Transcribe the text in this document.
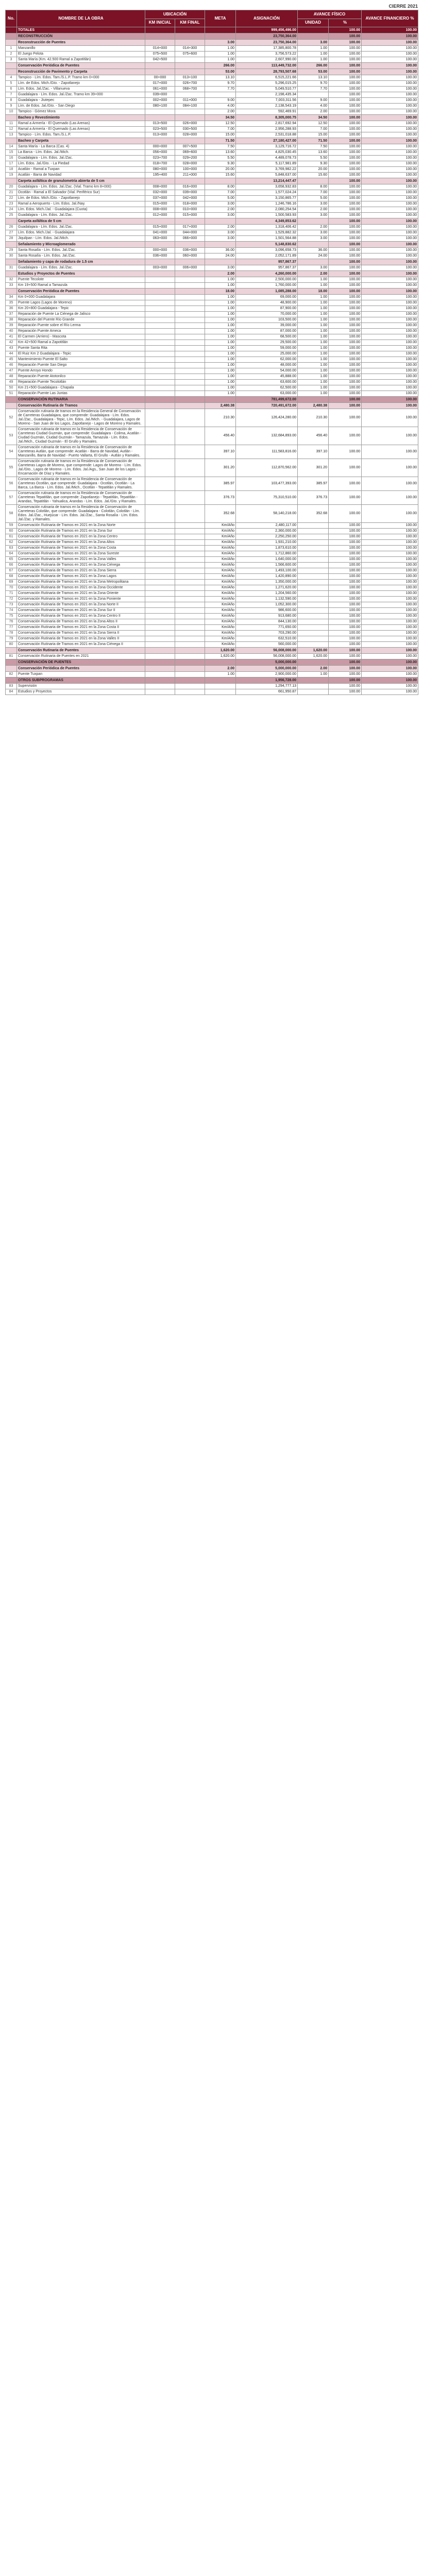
CIERRE 2021
No.	NOMBRE DE LA OBRA	UBICACIÓN		META	ASIGNACIÓN	AVANCE FÍSICO		AVANCE FINANCIERO %
		KM INICIAL	KM FINAL			UNIDAD	%	
	TOTALES				999,456,496.00		100.00	100.00
	RECONSTRUCCIÓN				23,750,364.00		100.00	100.00
	Reconstrucción de Puentes			3.00	23,750,364.00	3.00	100.00	100.00
1	Manzanillo	014+000	014+300	1.00	17,385,800.78	1.00	100.00	100.00
2	El Juego Pelota	075+500	075+600	1.00	3,756,573.22	1.00	100.00	100.00
3	Santa María (Km. 42.500 Ramal a Zapotitlán)	042+500		1.00	2,607,990.00	1.00	100.00	100.00
	Conservación Periódica de Puentes			266.00	113,449,732.00	266.00	100.00	100.00
	Reconstrucción de Pavimento y Carpeta			53.00	28,793,507.68	53.00	100.00	100.00
4	Tampico - Lím. Edos. Tam./S.L.P. Tramo km 0+000	00+000	013+100	13.10	6,515,221.66	13.10	100.00	100.00
5	Lím. de Edos. Mich./Gto. - Zapotlanejo	017+000	026+700	9.70	5,296,015.25	9.70	100.00	100.00
6	Lím. Edos. Jal./Zac. - Villanueva	061+000	068+700	7.70	5,049,510.77	7.70	100.00	100.00
7	Guadalajara - Lím. Edos. Jal./Zac. Tramo km 39+000	039+000			2,198,435.34		100.00	100.00
8	Guadalajara - Jiutepec	002+000	011+000	9.00	7,003,311.56	9.00	100.00	100.00
9	Lím. de Edos. Jal./Gto. - San Diego	080+100	084+100	4.00	2,138,543.19	4.00	100.00	100.00
10	Tampico - Gómez Mora			2.00	592,469.91	2.00	100.00	100.00
	Bacheo y Revestimiento			34.50	8,305,000.75	34.50	100.00	100.00
11	Ramal a Armería - El Quemado (Las Arenas)	013+500	026+000	12.50	2,817,692.94	12.50	100.00	100.00
12	Ramal a Armería - El Quemado (Las Arenas)	023+500	030+500	7.00	2,956,288.93	7.00	100.00	100.00
13	Tampico - Lím. Edos. Tam./S.L.P.	013+000	028+000	15.00	2,531,018.88	15.00	100.00	100.00
	Bacheo y Carpeta			71.50	27,180,427.00	71.50	100.00	100.00
14	Santa María - La Barca (Cas. 4)	000+000	007+500	7.50	3,129,716.72	7.50	100.00	100.00
15	La Barca - Lím. Edos. Jal./Mich.	056+000	069+600	13.60	4,825,030.45	13.60	100.00	100.00
16	Guadalajara - Lím. Edos. Jal./Zac.	023+700	029+200	5.50	4,489,078.73	5.50	100.00	100.00
17	Lím. Edos. Jal./Gto. - La Piedad	018+700	028+000	9.30	5,117,981.89	9.30	100.00	100.00
18	Acatlán - Ramal a Tuxpan	080+000	100+000	20.00	3,769,982.22	20.00	100.00	100.00
19	Acatlán - Barra de Navidad	195+400	211+000	15.60	5,848,637.00	15.60	100.00	100.00
	Carpeta asfáltica de granulometría abierta de 5 cm				13,214,447.47		100.00	100.00
20	Guadalajara - Lím. Edos. Jal./Zac. (Vial. Tramo km 8+000)	008+000	016+000	8.00	3,658,932.83	8.00	100.00	100.00
21	Ocotlán - Ramal a El Salvador (Vial. Periférico Sur)	032+000	039+000	7.00	1,577,024.24	7.00	100.00	100.00
22	Lím. de Edos. Mich./Gto. - Zapotlanejo	037+000	042+000	5.00	3,150,865.77	5.00	100.00	100.00
23	Ramal a Aeropuerto - Lím. Edos. Jal./Nay.	015+000	018+000	3.00	1,246,786.16	3.00	100.00	100.00
24	Lím. Edos. Mich./Jal. - Guadalajara (Cuota)	008+000	010+000	2.00	2,080,254.54	2.00	100.00	100.00
25	Guadalajara - Lím. Edos. Jal./Zac.	012+000	015+000	3.00	1,500,583.93	3.00	100.00	100.00
	Carpeta asfáltica de 5 cm				4,349,853.62		100.00	100.00
26	Guadalajara - Lím. Edos. Jal./Zac.	015+000	017+000	2.00	1,318,406.42	2.00	100.00	100.00
27	Lím. Edos. Mich./Jal. - Guadalajara	041+000	044+000	3.00	1,529,882.32	3.00	100.00	100.00
28	Jiquilpan - Lím. Edos. Jal./Mich.	063+000	066+000	3.00	1,501,564.88	3.00	100.00	100.00
	Señalamiento y Microaglomerado				5,148,830.62		100.00	100.00
29	Santa Rosalía - Lím. Edos. Jal./Zac.	000+000	036+000	36.00	3,096,658.73	36.00	100.00	100.00
30	Santa Rosalía - Lím. Edos. Jal./Zac.	036+000	060+000	24.00	2,052,171.89	24.00	100.00	100.00
	Señalamiento y capa de rodadura de 1.5 cm				957,867.37		100.00	100.00
31	Guadalajara - Lím. Edos. Jal./Zac.	003+000	006+000	3.00	957,867.37	3.00	100.00	100.00
	Estudios y Proyectos de Puentes			2.00	4,260,000.00	2.00	100.00	100.00
32	Puente Tecolote			1.00	2,500,000.00	1.00	100.00	100.00
33	Km 19+500 Ramal a Tamazula			1.00	1,760,000.00	1.00	100.00	100.00
	Conservación Periódica de Puentes			18.00	1,085,288.00	18.00	100.00	100.00
34	Km 0+000 Guadalajara			1.00	69,000.00	1.00	100.00	100.00
35	Puente Lagos (Lagos de Moreno)			1.00	48,900.00	1.00	100.00	100.00
36	Km 20+800 Guadalajara - Tepic			1.00	87,900.00	1.00	100.00	100.00
37	Reparación de Puente La Ciénega de Jalisco			1.00	70,000.00	1.00	100.00	100.00
38	Reparación del Puente Río Grande			1.00	103,500.00	1.00	100.00	100.00
39	Reparación Puente sobre el Río Lerma			1.00	39,000.00	1.00	100.00	100.00
40	Reparación Puente Ameca			1.00	87,000.00	1.00	100.00	100.00
41	El Carmen (Arriero) - Mascota			1.00	68,500.00	1.00	100.00	100.00
42	Km 42+500 Ramal a Zapotitlán			1.00	29,500.00	1.00	100.00	100.00
43	Puente Santa Rita			1.00	59,000.00	1.00	100.00	100.00
44	El Ruiz Km 2 Guadalajara - Tepic			1.00	25,000.00	1.00	100.00	100.00
45	Mantenimiento Puente El Salto			1.00	62,000.00	1.00	100.00	100.00
46	Reparación Puente San Diego			1.00	48,000.00	1.00	100.00	100.00
47	Puente Arroyo Hondo			1.00	54,000.00	1.00	100.00	100.00
48	Reparación Puente Atotonilco			1.00	45,888.00	1.00	100.00	100.00
49	Reparación Puente Tecolotlán			1.00	63,600.00	1.00	100.00	100.00
50	Km 21+500 Guadalajara - Chapala			1.00	62,500.00	1.00	100.00	100.00
51	Reparación Puente Las Juntas			1.00	63,000.00	1.00	100.00	100.00
	CONSERVACIÓN RUTINARIA				781,499,672.00		100.00	100.00
	Conservación Rutinaria de Tramos			2,480.38	720,491,672.00	2,480.38	100.00	100.00
52	Conservación rutinaria de tramos en la Residencia General de Conservación de Carreteras Guadalajara, que comprende: Guadalajara - Lím. Edos. Jal./Zac., Guadalajara - Tepic, Lím. Edos. Jal./Mich. - Guadalajara, Lagos de Moreno - San Juan de los Lagos, Zapotlanejo - Lagos de Moreno y Ramales.			210.30	126,424,280.00	210.30	100.00	100.00
53	Conservación rutinaria de tramos en la Residencia de Conservación de Carreteras Ciudad Guzmán, que comprende: Guadalajara - Colima, Acatlán - Ciudad Guzmán, Ciudad Guzmán - Tamazula, Tamazula - Lím. Edos. Jal./Mich., Ciudad Guzmán - El Grullo y Ramales.			456.40	132,684,893.00	456.40	100.00	100.00
54	Conservación rutinaria de tramos en la Residencia de Conservación de Carreteras Autlán, que comprende: Acatlán - Barra de Navidad, Autlán - Manzanillo, Barra de Navidad - Puerto Vallarta, El Grullo - Autlán y Ramales.			397.10	111,583,816.00	397.10	100.00	100.00
55	Conservación rutinaria de tramos en la Residencia de Conservación de Carreteras Lagos de Moreno, que comprende: Lagos de Moreno - Lím. Edos. Jal./Gto., Lagos de Moreno - Lím. Edos. Jal./Ags., San Juan de los Lagos - Encarnación de Díaz y Ramales.			301.20	112,870,562.00	301.20	100.00	100.00
56	Conservación rutinaria de tramos en la Residencia de Conservación de Carreteras Ocotlán, que comprende: Guadalajara - Ocotlán, Ocotlán - La Barca, La Barca - Lím. Edos. Jal./Mich., Ocotlán - Tepatitlán y Ramales.			385.97	103,477,393.00	385.97	100.00	100.00
57	Conservación rutinaria de tramos en la Residencia de Conservación de Carreteras Tepatitlán, que comprende: Zapotlanejo - Tepatitlán, Tepatitlán - Arandas, Tepatitlán - Yahualica, Arandas - Lím. Edos. Jal./Gto. y Ramales.			376.73	75,310,510.00	376.73	100.00	100.00
58	Conservación rutinaria de tramos en la Residencia de Conservación de Carreteras Colotlán, que comprende: Guadalajara - Colotlán, Colotlán - Lím. Edos. Jal./Zac., Huejúcar - Lím. Edos. Jal./Zac., Santa Rosalía - Lím. Edos. Jal./Zac. y Ramales.			352.68	58,140,218.00	352.68	100.00	100.00
59	Conservación Rutinaria de Tramos en 2021 en la Zona Norte			Km/Año	2,480,117.00		100.00	100.00
60	Conservación Rutinaria de Tramos en 2021 en la Zona Sur			Km/Año	2,360,000.00		100.00	100.00
61	Conservación Rutinaria de Tramos en 2021 en la Zona Centro			Km/Año	2,250,250.00		100.00	100.00
62	Conservación Rutinaria de Tramos en 2021 en la Zona Altos			Km/Año	1,931,210.00		100.00	100.00
63	Conservación Rutinaria de Tramos en 2021 en la Zona Costa			Km/Año	1,873,610.00		100.00	100.00
64	Conservación Rutinaria de Tramos en 2021 en la Zona Sureste			Km/Año	1,712,860.00		100.00	100.00
65	Conservación Rutinaria de Tramos en 2021 en la Zona Valles			Km/Año	1,640,000.00		100.00	100.00
66	Conservación Rutinaria de Tramos en 2021 en la Zona Ciénega			Km/Año	1,566,600.00		100.00	100.00
67	Conservación Rutinaria de Tramos en 2021 en la Zona Sierra			Km/Año	1,493,100.00		100.00	100.00
68	Conservación Rutinaria de Tramos en 2021 en la Zona Lagos			Km/Año	1,420,890.00		100.00	100.00
69	Conservación Rutinaria de Tramos en 2021 en la Zona Metropolitana			Km/Año	1,350,000.00		100.00	100.00
70	Conservación Rutinaria de Tramos en 2021 en la Zona Occidente			Km/Año	1,271,620.00		100.00	100.00
71	Conservación Rutinaria de Tramos en 2021 en la Zona Oriente			Km/Año	1,204,560.00		100.00	100.00
72	Conservación Rutinaria de Tramos en 2021 en la Zona Poniente			Km/Año	1,132,590.00		100.00	100.00
73	Conservación Rutinaria de Tramos en 2021 en la Zona Norte II			Km/Año	1,052,300.00		100.00	100.00
74	Conservación Rutinaria de Tramos en 2021 en la Zona Sur II			Km/Año	986,600.00		100.00	100.00
75	Conservación Rutinaria de Tramos en 2021 en la Zona Centro II			Km/Año	913,680.00		100.00	100.00
76	Conservación Rutinaria de Tramos en 2021 en la Zona Altos II			Km/Año	844,130.00		100.00	100.00
77	Conservación Rutinaria de Tramos en 2021 en la Zona Costa II			Km/Año	771,650.00		100.00	100.00
78	Conservación Rutinaria de Tramos en 2021 en la Zona Sierra II			Km/Año	703,290.00		100.00	100.00
79	Conservación Rutinaria de Tramos en 2021 en la Zona Valles II			Km/Año	632,510.00		100.00	100.00
80	Conservación Rutinaria de Tramos en 2021 en la Zona Ciénega II			Km/Año	560,000.00		100.00	100.00
	Conservación Rutinaria de Puentes			1,620.00	56,008,000.00	1,620.00	100.00	100.00
81	Conservación Rutinaria de Puentes en 2021			1,620.00	56,008,000.00	1,620.00	100.00	100.00
	CONSERVACIÓN DE PUENTES				5,000,000.00		100.00	100.00
	Conservación Periódica de Puentes			2.00	5,000,000.00	2.00	100.00	100.00
82	Puente Tuxpan			1.00	2,900,000.00	1.00	100.00	100.00
	OTROS SUBPROGRAMAS				1,956,728.00		100.00	100.00
83	Supervisión				1,294,777.13		100.00	100.00
84	Estudios y Proyectos				661,950.87		100.00	100.00
